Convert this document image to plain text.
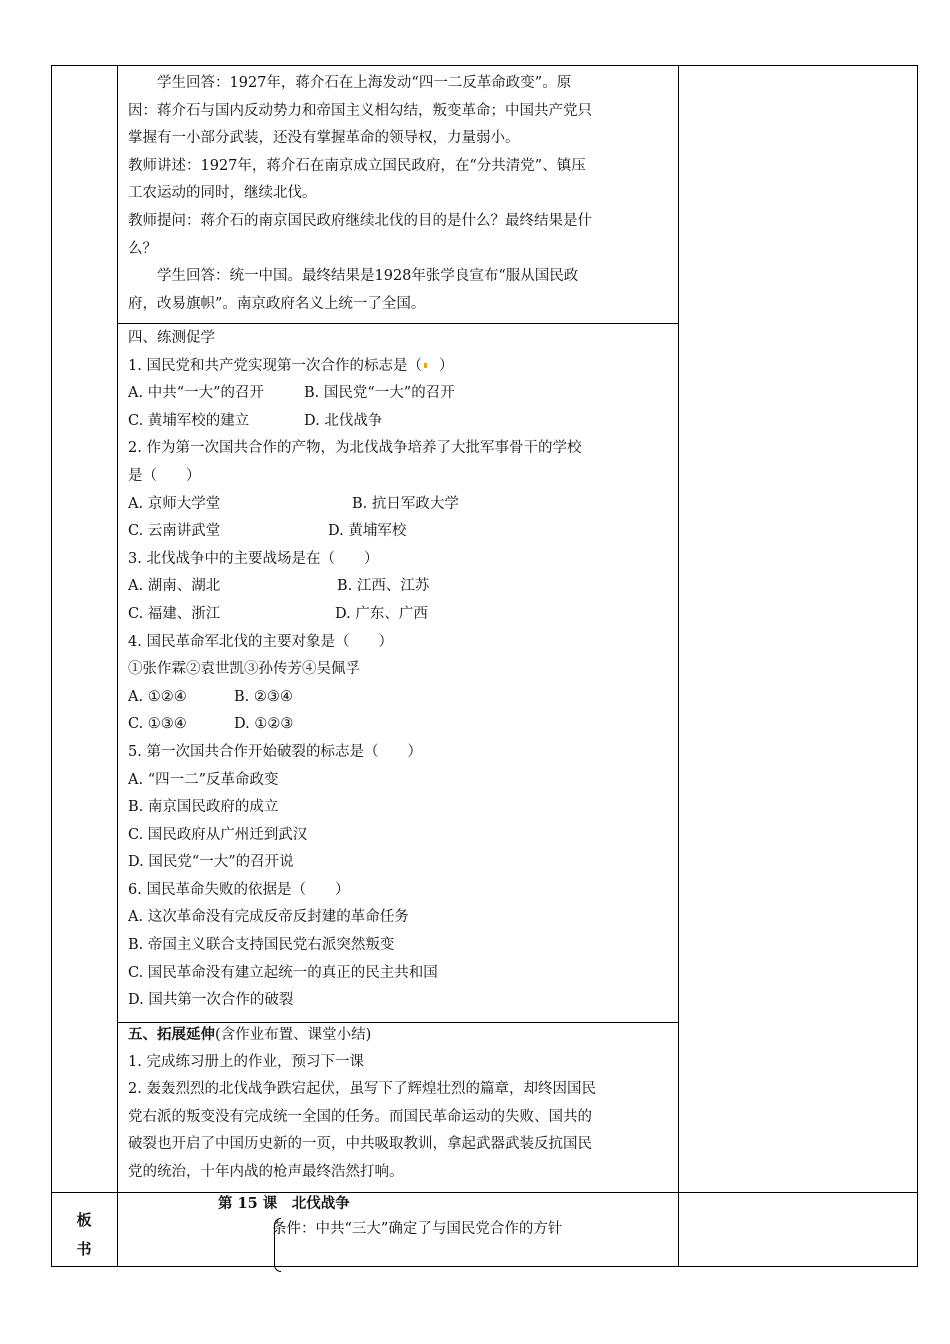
学生回答：1927年，蒋介石在上海发动“四一二反革命政变”。原
因：蒋介石与国内反动势力和帝国主义相勾结，叛变革命；中国共产党只
掌握有一小部分武装，还没有掌握革命的领导权，力量弱小。
教师讲述：1927年，蒋介石在南京成立国民政府，在“分共清党”、镇压
工农运动的同时，继续北伐。
教师提问：蒋介石的南京国民政府继续北伐的目的是什么？最终结果是什
么？
学生回答：统一中国。最终结果是1928年张学良宣布“服从国民政
府，改易旗帜”。南京政府名义上统一了全国。
四、练测促学
1. 国民党和共产党实现第一次合作的标志是（ ）
A. 中共“一大”的召开	B. 国民党“一大”的召开
C. 黄埔军校的建立	D. 北伐战争
2. 作为第一次国共合作的产物，为北伐战争培养了大批军事骨干的学校
是（　　）
A. 京师大学堂	B. 抗日军政大学
C. 云南讲武堂	D. 黄埔军校
3. 北伐战争中的主要战场是在（　　）
A. 湖南、湖北	B. 江西、江苏
C. 福建、浙江	D. 广东、广西
4. 国民革命军北伐的主要对象是（　　）
①张作霖②袁世凯③孙传芳④吴佩孚
A. ①②④	B. ②③④
C. ①③④	D. ①②③
5. 第一次国共合作开始破裂的标志是（　　）
A. “四一二”反革命政变
B. 南京国民政府的成立
C. 国民政府从广州迁到武汉
D. 国民党“一大”的召开说
6. 国民革命失败的依据是（　　）
A. 这次革命没有完成反帝反封建的革命任务
B. 帝国主义联合支持国民党右派突然叛变
C. 国民革命没有建立起统一的真正的民主共和国
D. 国共第一次合作的破裂
五、拓展延伸(含作业布置、课堂小结)
1. 完成练习册上的作业，预习下一课
2. 轰轰烈烈的北伐战争跌宕起伏，虽写下了辉煌壮烈的篇章，却终因国民
党右派的叛变没有完成统一全国的任务。而国民革命运动的失败、国共的
破裂也开启了中国历史新的一页，中共吸取教训，拿起武器武装反抗国民
党的统治，十年内战的枪声最终浩然打响。
板
书
第 15 课　北伐战争
条件：中共“三大”确定了与国民党合作的方针
